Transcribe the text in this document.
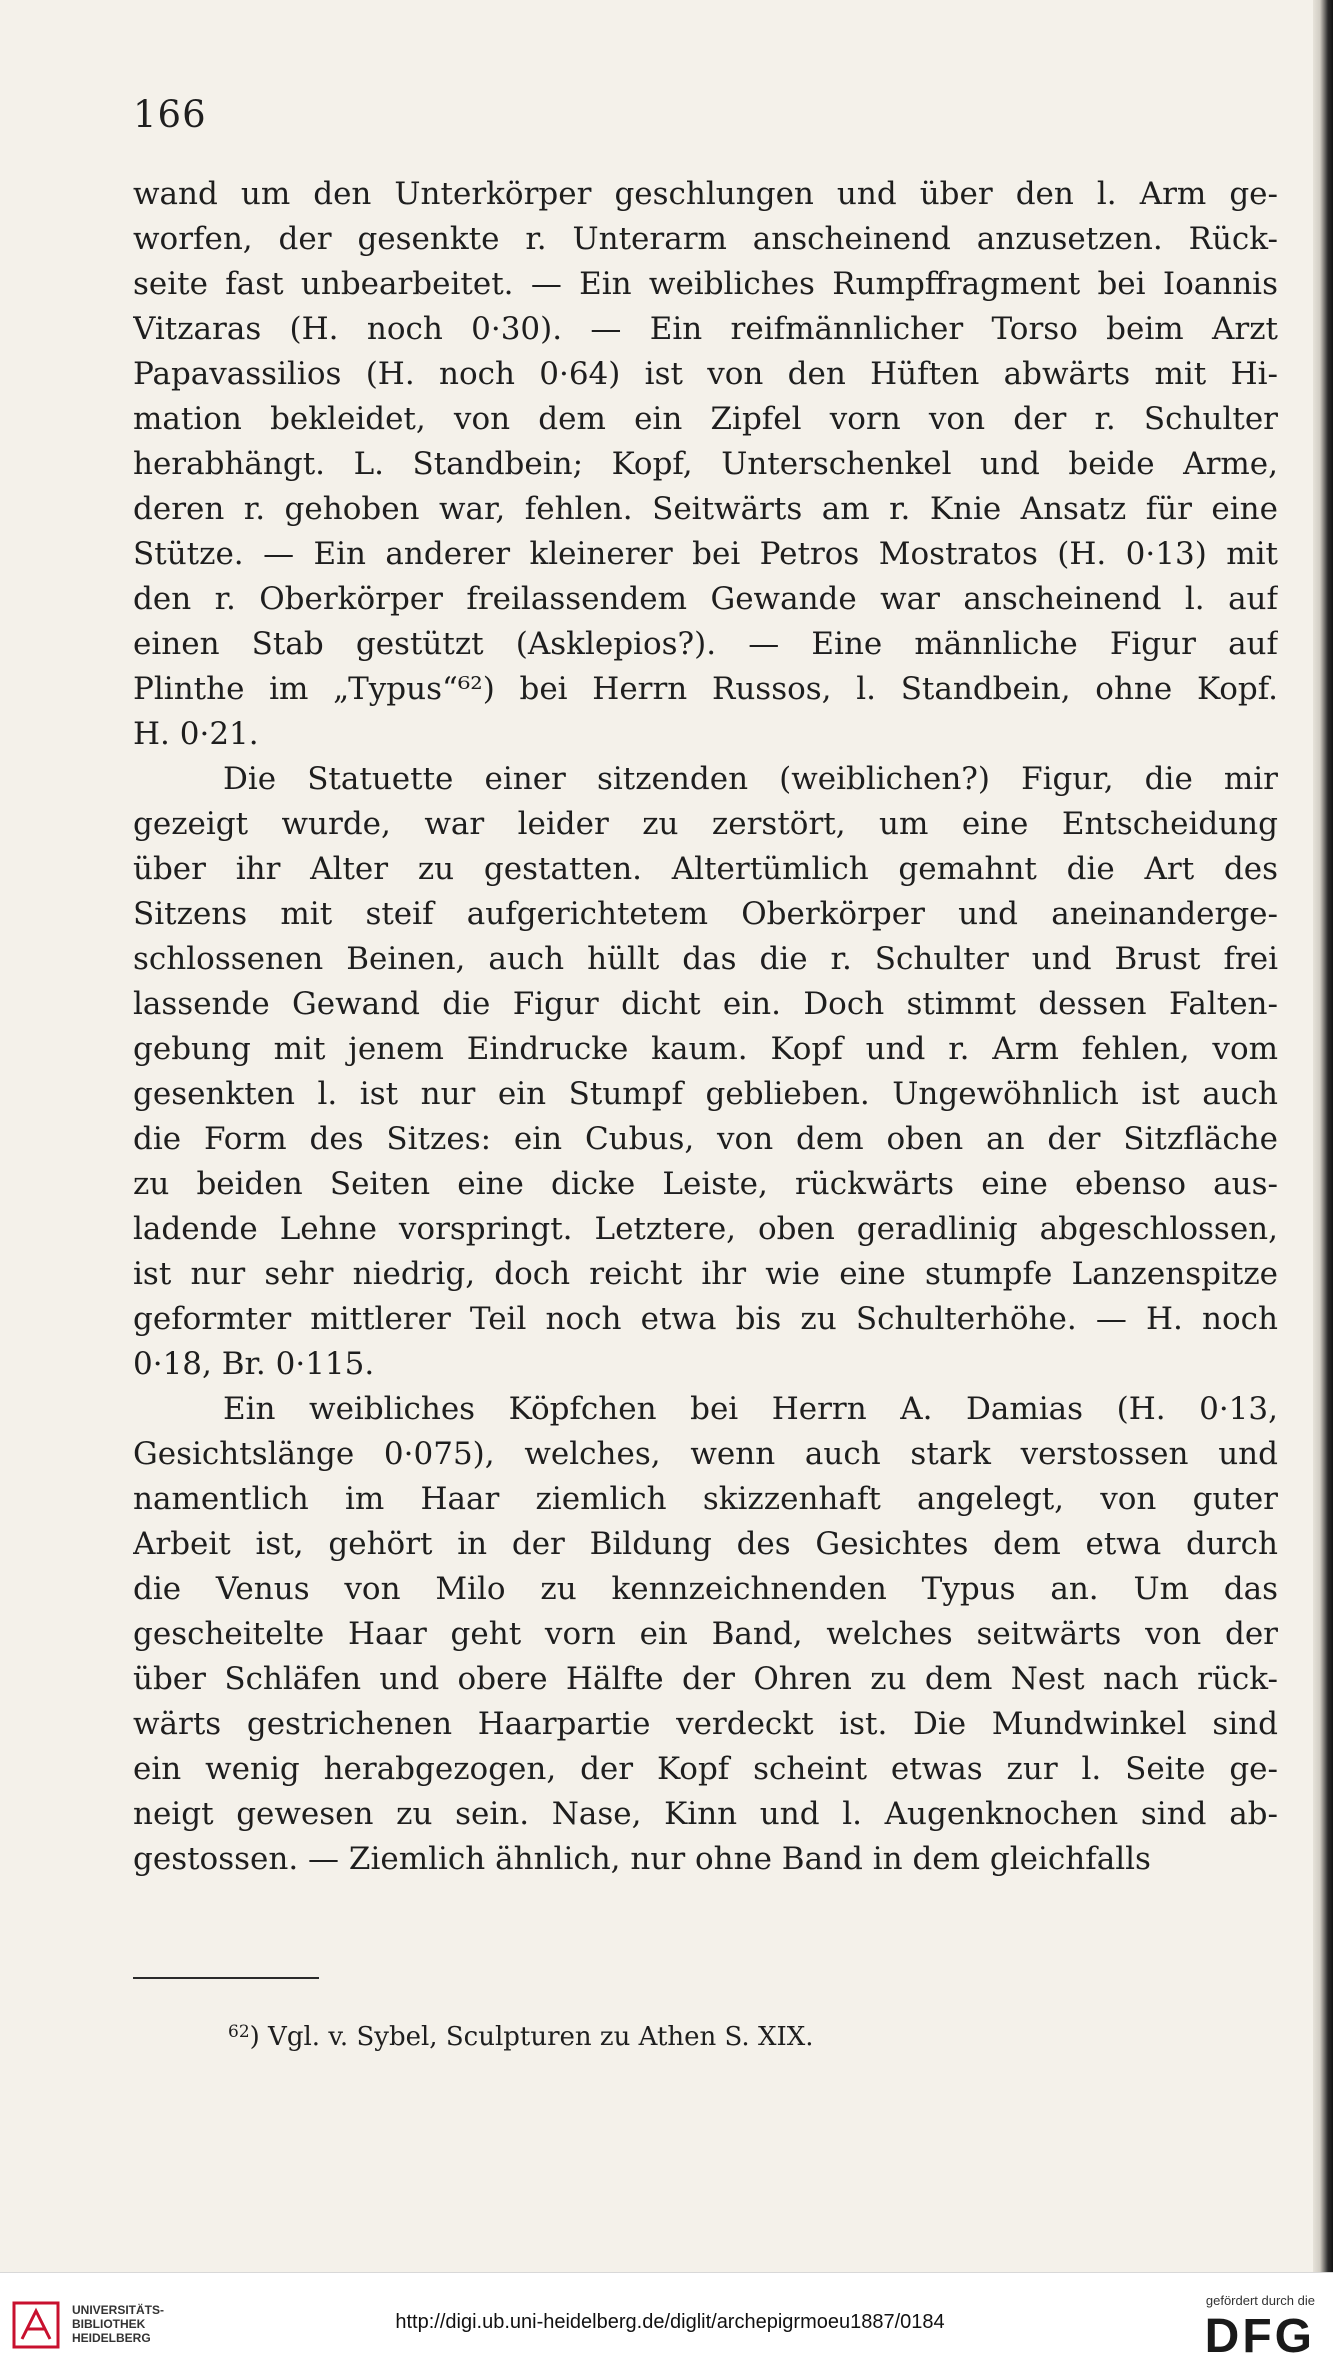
166
wand um den Unterkörper geschlungen und über den l. Arm ge-
worfen, der gesenkte r. Unterarm anscheinend anzusetzen. Rück-
seite fast unbearbeitet. — Ein weibliches Rumpffragment bei Ioannis
Vitzaras (H. noch 0·30). — Ein reifmännlicher Torso beim Arzt
Papavassilios (H. noch 0·64) ist von den Hüften abwärts mit Hi-
mation bekleidet, von dem ein Zipfel vorn von der r. Schulter
herabhängt. L. Standbein; Kopf, Unterschenkel und beide Arme,
deren r. gehoben war, fehlen. Seitwärts am r. Knie Ansatz für eine
Stütze. — Ein anderer kleinerer bei Petros Mostratos (H. 0·13) mit
den r. Oberkörper freilassendem Gewande war anscheinend l. auf
einen Stab gestützt (Asklepios?). — Eine männliche Figur auf
Plinthe im „Typus“⁶²) bei Herrn Russos, l. Standbein, ohne Kopf.
H. 0·21.
Die Statuette einer sitzenden (weiblichen?) Figur, die mir
gezeigt wurde, war leider zu zerstört, um eine Entscheidung
über ihr Alter zu gestatten. Altertümlich gemahnt die Art des
Sitzens mit steif aufgerichtetem Oberkörper und aneinanderge-
schlossenen Beinen, auch hüllt das die r. Schulter und Brust frei
lassende Gewand die Figur dicht ein. Doch stimmt dessen Falten-
gebung mit jenem Eindrucke kaum. Kopf und r. Arm fehlen, vom
gesenkten l. ist nur ein Stumpf geblieben. Ungewöhnlich ist auch
die Form des Sitzes: ein Cubus, von dem oben an der Sitzfläche
zu beiden Seiten eine dicke Leiste, rückwärts eine ebenso aus-
ladende Lehne vorspringt. Letztere, oben geradlinig abgeschlossen,
ist nur sehr niedrig, doch reicht ihr wie eine stumpfe Lanzenspitze
geformter mittlerer Teil noch etwa bis zu Schulterhöhe. — H. noch
0·18, Br. 0·115.
Ein weibliches Köpfchen bei Herrn A. Damias (H. 0·13,
Gesichtslänge 0·075), welches, wenn auch stark verstossen und
namentlich im Haar ziemlich skizzenhaft angelegt, von guter
Arbeit ist, gehört in der Bildung des Gesichtes dem etwa durch
die Venus von Milo zu kennzeichnenden Typus an. Um das
gescheitelte Haar geht vorn ein Band, welches seitwärts von der
über Schläfen und obere Hälfte der Ohren zu dem Nest nach rück-
wärts gestrichenen Haarpartie verdeckt ist. Die Mundwinkel sind
ein wenig herabgezogen, der Kopf scheint etwas zur l. Seite ge-
neigt gewesen zu sein. Nase, Kinn und l. Augenknochen sind ab-
gestossen. — Ziemlich ähnlich, nur ohne Band in dem gleichfalls
$^{62}$) Vgl. v. Sybel, Sculpturen zu Athen S. XIX.
UNIVERSITÄTS-
BIBLIOTHEK
HEIDELBERG
http://digi.ub.uni-heidelberg.de/diglit/archepigrmoeu1887/0184
gefördert durch die
DFG
